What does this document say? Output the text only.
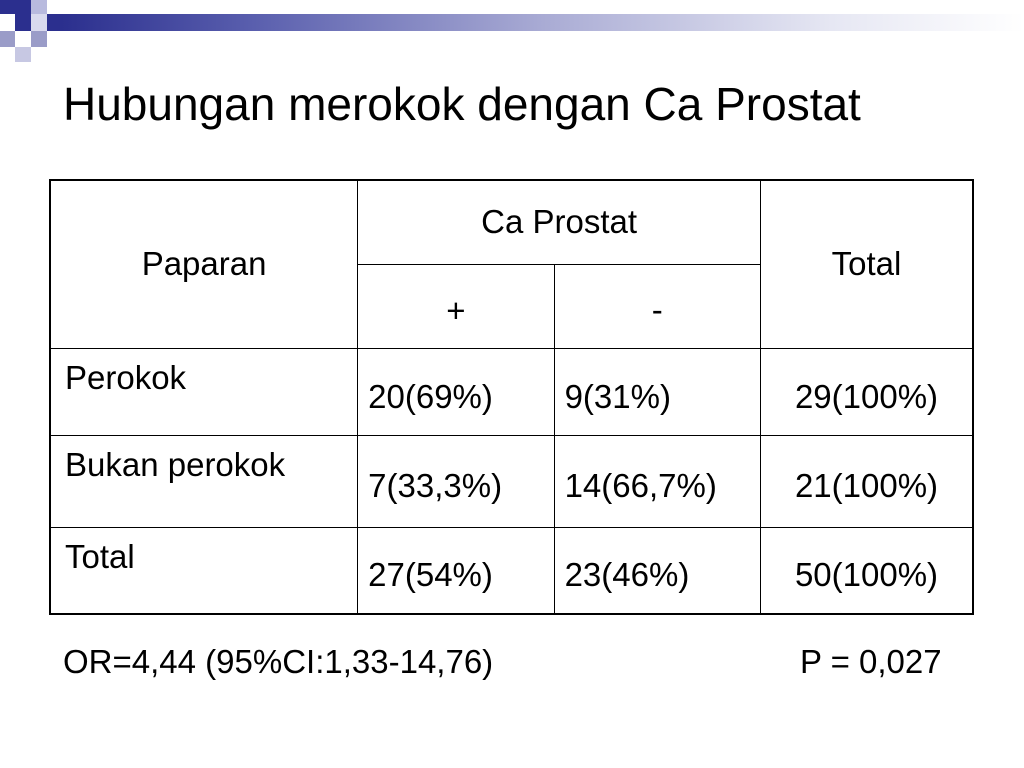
Hubungan merokok dengan Ca Prostat
Paparan	Ca Prostat		Total
	+	-	
Perokok	20(69%)	9(31%)	29(100%)
Bukan perokok	7(33,3%)	14(66,7%)	21(100%)
Total	27(54%)	23(46%)	50(100%)
OR=4,44 (95%CI:1,33-14,76)	P = 0,027
